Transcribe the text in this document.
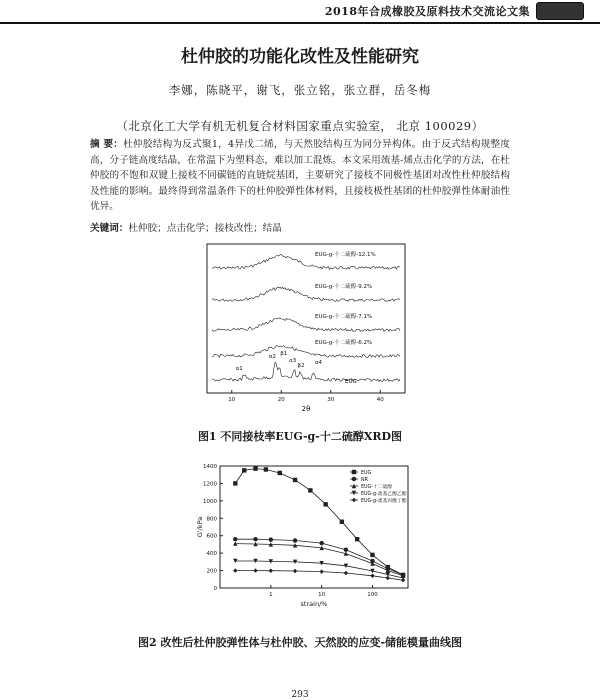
2018年合成橡胶及原料技术交流论文集
杜仲胶的功能化改性及性能研究
李娜，陈晓平，谢飞，张立铭，张立群，岳冬梅
（北京化工大学有机无机复合材料国家重点实验室， 北京 100029）
摘 要：杜仲胶结构为反式聚1，4异戊二烯，与天然胶结构互为同分异构体。由于反式结构规整度高，分子链高度结晶，在常温下为塑料态，难以加工混炼。本文采用巯基-烯点击化学的方法，在杜仲胶的不饱和双键上接枝不同碳链的直链烷基团，主要研究了接枝不同极性基团对改性杜仲胶结构及性能的影响。最终得到常温条件下的杜仲胶弹性体材料，且接枝极性基团的杜仲胶弹性体耐油性优异。
关键词：杜仲胶；点击化学；接枝改性；结晶
10	20	30	40
2θ
EUG-g-十二硫醇-12.1%
EUG-g-十二硫醇-9.2%
EUG-g-十二硫醇-7.1%
EUG-g-十二硫醇-6.2%
EUG
α1
α2 β1
α3
β2 α4
图1 不同接枝率EUG-g-十二硫醇XRD图
0
200
400
600
800
1000
1200
1400
1	10	100
strain/%
G'/kPa
EUG
NR
EUG-十二硫醇
EUG-g-巯基乙醇乙酯
EUG-g-巯基丙酸丁酯
图2 改性后杜仲胶弹性体与杜仲胶、天然胶的应变-储能模量曲线图
293
